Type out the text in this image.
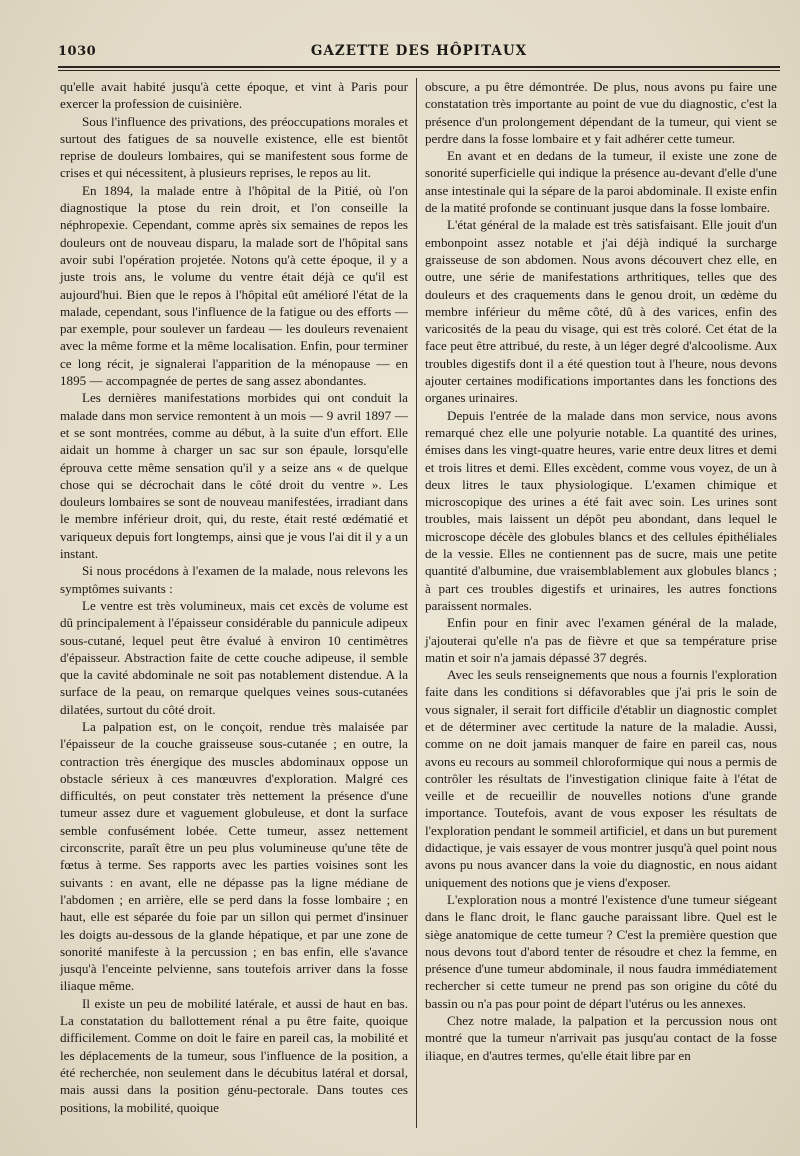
1030	GAZETTE DES HÔPITAUX

qu'elle avait habité jusqu'à cette époque, et vint à Paris pour exercer la profession de cuisinière.

Sous l'influence des privations, des préoccupations morales et surtout des fatigues de sa nouvelle existence, elle est bientôt reprise de douleurs lombaires, qui se manifestent sous forme de crises et qui nécessitent, à plusieurs reprises, le repos au lit.

En 1894, la malade entre à l'hôpital de la Pitié, où l'on diagnostique la ptose du rein droit, et l'on conseille la néphropexie. Cependant, comme après six semaines de repos les douleurs ont de nouveau disparu, la malade sort de l'hôpital sans avoir subi l'opération projetée. Notons qu'à cette époque, il y a juste trois ans, le volume du ventre était déjà ce qu'il est aujourd'hui. Bien que le repos à l'hôpital eût amélioré l'état de la malade, cependant, sous l'influence de la fatigue ou des efforts — par exemple, pour soulever un fardeau — les douleurs revenaient avec la même forme et la même localisation. Enfin, pour terminer ce long récit, je signalerai l'apparition de la ménopause — en 1895 — accompagnée de pertes de sang assez abondantes.

Les dernières manifestations morbides qui ont conduit la malade dans mon service remontent à un mois — 9 avril 1897 — et se sont montrées, comme au début, à la suite d'un effort. Elle aidait un homme à charger un sac sur son épaule, lorsqu'elle éprouva cette même sensation qu'il y a seize ans « de quelque chose qui se décrochait dans le côté droit du ventre ». Les douleurs lombaires se sont de nouveau manifestées, irradiant dans le membre inférieur droit, qui, du reste, était resté œdématié et variqueux depuis fort longtemps, ainsi que je vous l'ai dit il y a un instant.

Si nous procédons à l'examen de la malade, nous relevons les symptômes suivants :

Le ventre est très volumineux, mais cet excès de volume est dû principalement à l'épaisseur considérable du pannicule adipeux sous-cutané, lequel peut être évalué à environ 10 centimètres d'épaisseur. Abstraction faite de cette couche adipeuse, il semble que la cavité abdominale ne soit pas notablement distendue. A la surface de la peau, on remarque quelques veines sous-cutanées dilatées, surtout du côté droit.

La palpation est, on le conçoit, rendue très malaisée par l'épaisseur de la couche graisseuse sous-cutanée ; en outre, la contraction très énergique des muscles abdominaux oppose un obstacle sérieux à ces manœuvres d'exploration. Malgré ces difficultés, on peut constater très nettement la présence d'une tumeur assez dure et vaguement globuleuse, et dont la surface semble confusément lobée. Cette tumeur, assez nettement circonscrite, paraît être un peu plus volumineuse qu'une tête de fœtus à terme. Ses rapports avec les parties voisines sont les suivants : en avant, elle ne dépasse pas la ligne médiane de l'abdomen ; en arrière, elle se perd dans la fosse lombaire ; en haut, elle est séparée du foie par un sillon qui permet d'insinuer les doigts au-dessous de la glande hépatique, et par une zone de sonorité manifeste à la percussion ; en bas enfin, elle s'avance jusqu'à l'enceinte pelvienne, sans toutefois arriver dans la fosse iliaque même.

Il existe un peu de mobilité latérale, et aussi de haut en bas. La constatation du ballottement rénal a pu être faite, quoique difficilement. Comme on doit le faire en pareil cas, la mobilité et les déplacements de la tumeur, sous l'influence de la position, a été recherchée, non seulement dans le décubitus latéral et dorsal, mais aussi dans la position génu-pectorale. Dans toutes ces positions, la mobilité, quoique

obscure, a pu être démontrée. De plus, nous avons pu faire une constatation très importante au point de vue du diagnostic, c'est la présence d'un prolongement dépendant de la tumeur, qui vient se perdre dans la fosse lombaire et y fait adhérer cette tumeur.

En avant et en dedans de la tumeur, il existe une zone de sonorité superficielle qui indique la présence au-devant d'elle d'une anse intestinale qui la sépare de la paroi abdominale. Il existe enfin de la matité profonde se continuant jusque dans la fosse lombaire.

L'état général de la malade est très satisfaisant. Elle jouit d'un embonpoint assez notable et j'ai déjà indiqué la surcharge graisseuse de son abdomen. Nous avons découvert chez elle, en outre, une série de manifestations arthritiques, telles que des douleurs et des craquements dans le genou droit, un œdème du membre inférieur du même côté, dû à des varices, enfin des varicosités de la peau du visage, qui est très coloré. Cet état de la face peut être attribué, du reste, à un léger degré d'alcoolisme. Aux troubles digestifs dont il a été question tout à l'heure, nous devons ajouter certaines modifications importantes dans les fonctions des organes urinaires.

Depuis l'entrée de la malade dans mon service, nous avons remarqué chez elle une polyurie notable. La quantité des urines, émises dans les vingt-quatre heures, varie entre deux litres et demi et trois litres et demi. Elles excèdent, comme vous voyez, de un à deux litres le taux physiologique. L'examen chimique et microscopique des urines a été fait avec soin. Les urines sont troubles, mais laissent un dépôt peu abondant, dans lequel le microscope décèle des globules blancs et des cellules épithéliales de la vessie. Elles ne contiennent pas de sucre, mais une petite quantité d'albumine, due vraisemblablement aux globules blancs ; à part ces troubles digestifs et urinaires, les autres fonctions paraissent normales.

Enfin pour en finir avec l'examen général de la malade, j'ajouterai qu'elle n'a pas de fièvre et que sa température prise matin et soir n'a jamais dépassé 37 degrés.

Avec les seuls renseignements que nous a fournis l'exploration faite dans les conditions si défavorables que j'ai pris le soin de vous signaler, il serait fort difficile d'établir un diagnostic complet et de déterminer avec certitude la nature de la maladie. Aussi, comme on ne doit jamais manquer de faire en pareil cas, nous avons eu recours au sommeil chloroformique qui nous a permis de contrôler les résultats de l'investigation clinique faite à l'état de veille et de recueillir de nouvelles notions d'une grande importance. Toutefois, avant de vous exposer les résultats de l'exploration pendant le sommeil artificiel, et dans un but purement didactique, je vais essayer de vous montrer jusqu'à quel point nous avons pu nous avancer dans la voie du diagnostic, en nous aidant uniquement des notions que je viens d'exposer.

L'exploration nous a montré l'existence d'une tumeur siégeant dans le flanc droit, le flanc gauche paraissant libre. Quel est le siège anatomique de cette tumeur ? C'est la première question que nous devons tout d'abord tenter de résoudre et chez la femme, en présence d'une tumeur abdominale, il nous faudra immédiatement rechercher si cette tumeur ne prend pas son origine du côté du bassin ou n'a pas pour point de départ l'utérus ou les annexes.

Chez notre malade, la palpation et la percussion nous ont montré que la tumeur n'arrivait pas jusqu'au contact de la fosse iliaque, en d'autres termes, qu'elle était libre par en
